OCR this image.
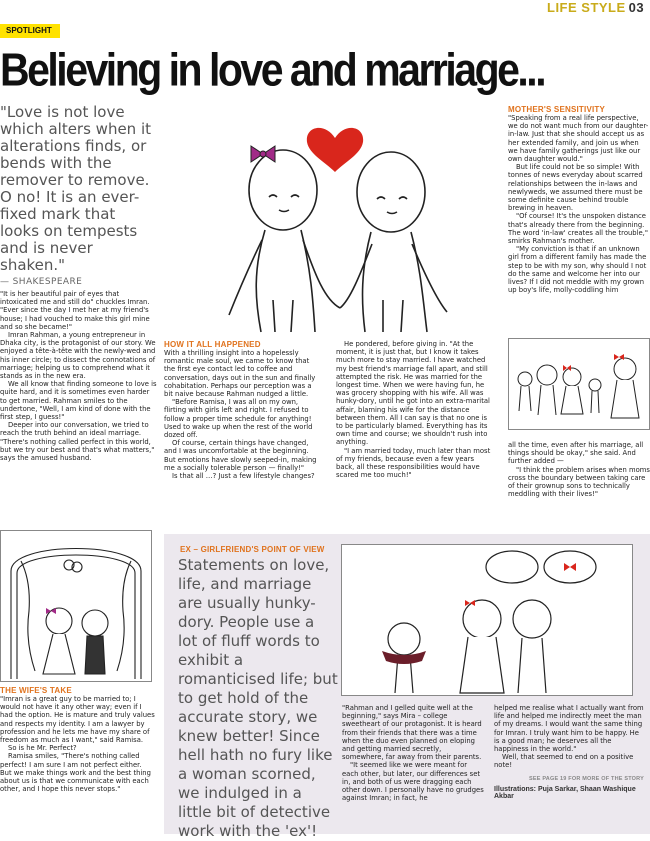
LIFE STYLE 03
SPOTLIGHT
Believing in love and marriage...
"Love is not love which alters when it alterations finds, or bends with the remover to remove. O no! It is an ever-fixed mark that looks on tempests and is never shaken."
— SHAKESPEARE

"It is her beautiful pair of eyes that intoxicated me and still do" chuckles Imran. "Ever since the day I met her at my friend's house; I had vouched to make this girl mine and so she became!"

Imran Rahman, a young entrepreneur in Dhaka city, is the protagonist of our story. We enjoyed a tête-à-tête with the newly-wed and his inner circle; to dissect the connotations of marriage; helping us to comprehend what it stands as in the new era.

We all know that finding someone to love is quite hard, and it is sometimes even harder to get married. Rahman smiles to the undertone, "Well, I am kind of done with the first step, I guess!"

Deeper into our conversation, we tried to reach the truth behind an ideal marriage. "There's nothing called perfect in this world, but we try our best and that's what matters," says the amused husband.

HOW IT ALL HAPPENED

With a thrilling insight into a hopelessly romantic male soul, we came to know that the first eye contact led to coffee and conversation, days out in the sun and finally cohabitation. Perhaps our perception was a bit naive because Rahman nudged a little.

"Before Ramisa, I was all on my own, flirting with girls left and right. I refused to follow a proper time schedule for anything! Used to wake up when the rest of the world dozed off.

Of course, certain things have changed, and I was uncomfortable at the beginning. But emotions have slowly seeped-in, making me a socially tolerable person — finally!"

Is that all …? Just a few lifestyle changes?

He pondered, before giving in. "At the moment, it is just that, but I know it takes much more to stay married. I have watched my best friend's marriage fall apart, and still attempted the risk. He was married for the longest time. When we were having fun, he was grocery shopping with his wife. All was hunky-dory, until he got into an extra-marital affair, blaming his wife for the distance between them. All I can say is that no one is to be particularly blamed. Everything has its own time and course; we shouldn't rush into anything.

"I am married today, much later than most of my friends, because even a few years back, all these responsibilities would have scared me too much!"

MOTHER'S SENSITIVITY

"Speaking from a real life perspective, we do not want much from our daughter-in-law. Just that she should accept us as her extended family, and join us when we have family gatherings just like our own daughter would."

But life could not be so simple! With tonnes of news everyday about scarred relationships between the in-laws and newlyweds, we assumed there must be some definite cause behind trouble brewing in heaven.

"Of course! It's the unspoken distance that's already there from the beginning. The word 'in-law' creates all the trouble," smirks Rahman's mother.

"My conviction is that if an unknown girl from a different family has made the step to be with my son, why should I not do the same and welcome her into our lives? If I did not meddle with my grown up boy's life, molly-coddling him

all the time, even after his marriage, all things should be okay," she said. And further added —

"I think the problem arises when moms cross the boundary between taking care of their grownup sons to technically meddling with their lives!"

THE WIFE'S TAKE

"Imran is a great guy to be married to; I would not have it any other way; even if I had the option. He is mature and truly values and respects my identity. I am a lawyer by profession and he lets me have my share of freedom as much as I want," said Ramisa.

So is he Mr. Perfect?

Ramisa smiles, "There's nothing called perfect! I am sure I am not perfect either. But we make things work and the best thing about us is that we communicate with each other, and I hope this never stops."

EX – GIRLFRIEND'S POINT OF VIEW
Statements on love, life, and marriage are usually hunky-dory. People use a lot of fluff words to exhibit a romanticised life; but to get hold of the accurate story, we knew better! Since hell hath no fury like a woman scorned, we indulged in a little bit of detective work with the 'ex'!

"Rahman and I gelled quite well at the beginning," says Mira – college sweetheart of our protagonist. It is heard from their friends that there was a time when the duo even planned on eloping and getting married secretly, somewhere, far away from their parents.

"It seemed like we were meant for each other, but later, our differences set in, and both of us were dragging each other down. I personally have no grudges against Imran; in fact, he

helped me realise what I actually want from life and helped me indirectly meet the man of my dreams. I would want the same thing for Imran. I truly want him to be happy. He is a good man; he deserves all the happiness in the world."

Well, that seemed to end on a positive note!

SEE PAGE 19 FOR MORE OF THE STORY
Illustrations: Puja Sarkar, Shaan Washique Akbar
